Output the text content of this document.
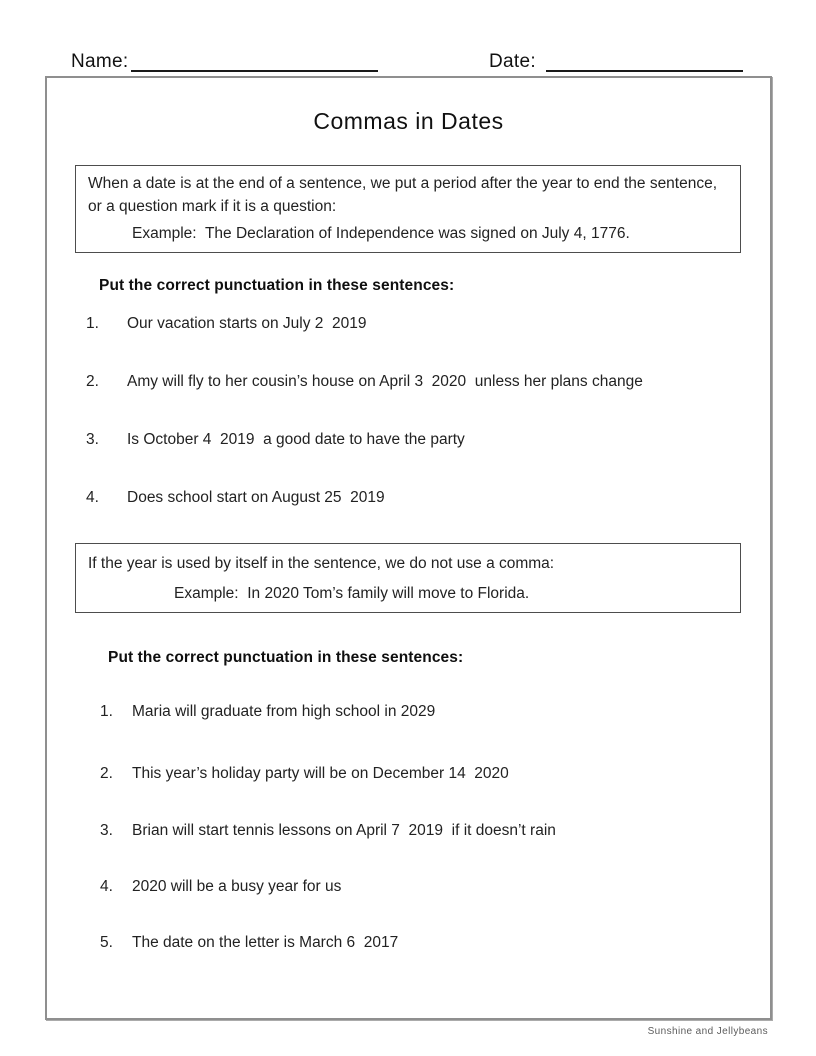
Name:	Date:
Commas in Dates
When a date is at the end of a sentence, we put a period after the year to end the sentence, or a question mark if it is a question:
Example:  The Declaration of Independence was signed on July 4, 1776.
Put the correct punctuation in these sentences:
1. Our vacation starts on July 2  2019
2. Amy will fly to her cousin’s house on April 3  2020  unless her plans change
3. Is October 4  2019  a good date to have the party
4. Does school start on August 25  2019
If the year is used by itself in the sentence, we do not use a comma:
Example:  In 2020 Tom’s family will move to Florida.
Put the correct punctuation in these sentences:
1. Maria will graduate from high school in 2029
2. This year’s holiday party will be on December 14  2020
3. Brian will start tennis lessons on April 7  2019  if it doesn’t rain
4. 2020 will be a busy year for us
5. The date on the letter is March 6  2017
Sunshine and Jellybeans
